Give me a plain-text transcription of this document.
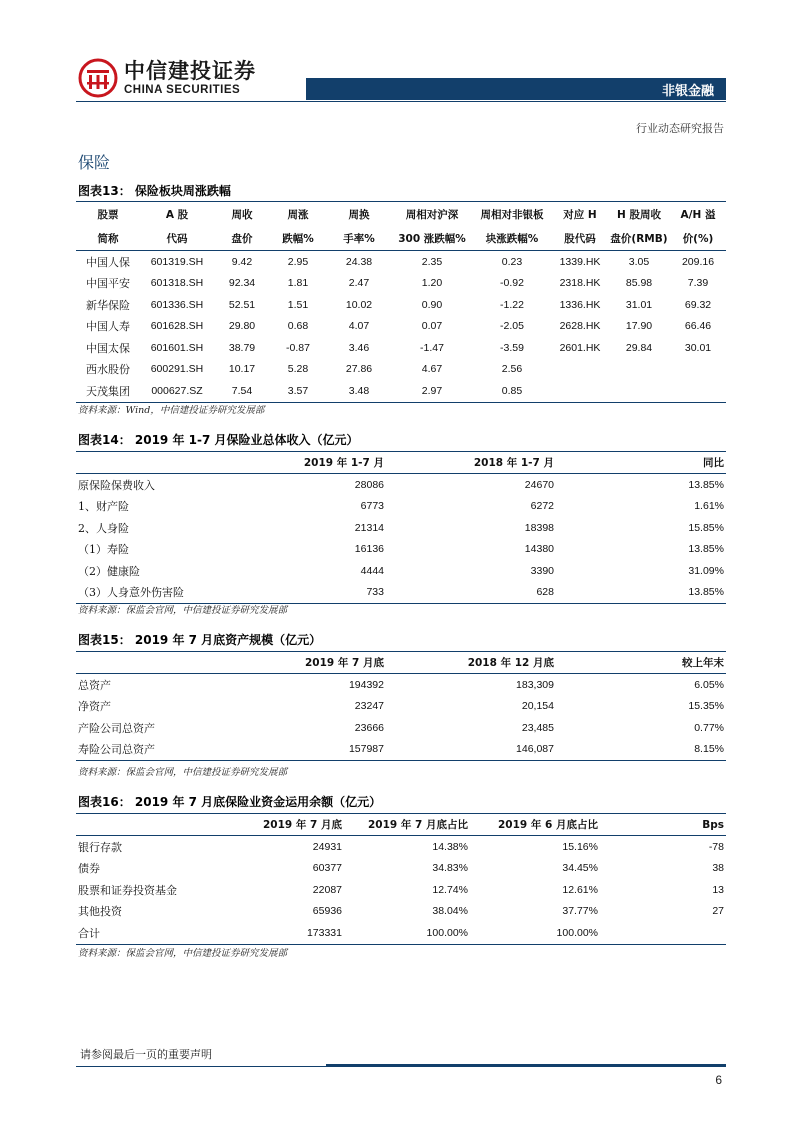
中信建投证券
CHINA SECURITIES	非银金融
行业动态研究报告
保险
图表13： 保险板块周涨跌幅
股票	A 股	周收	周涨	周换	周相对沪深	周相对非银板	对应 H	H 股周收	A/H 溢
简称	代码	盘价	跌幅%	手率%	300 涨跌幅%	块涨跌幅%	股代码	盘价(RMB)	价(%)
中国人保	601319.SH	9.42	2.95	24.38	2.35	0.23	1339.HK	3.05	209.16
中国平安	601318.SH	92.34	1.81	2.47	1.20	-0.92	2318.HK	85.98	7.39
新华保险	601336.SH	52.51	1.51	10.02	0.90	-1.22	1336.HK	31.01	69.32
中国人寿	601628.SH	29.80	0.68	4.07	0.07	-2.05	2628.HK	17.90	66.46
中国太保	601601.SH	38.79	-0.87	3.46	-1.47	-3.59	2601.HK	29.84	30.01
西水股份	600291.SH	10.17	5.28	27.86	4.67	2.56			
天茂集团	000627.SZ	7.54	3.57	3.48	2.97	0.85			
资料来源：Wind，中信建投证券研究发展部
图表14： 2019 年 1-7 月保险业总体收入（亿元）
	2019 年 1-7 月	2018 年 1-7 月	同比
原保险保费收入	28086	24670	13.85%
1、财产险	6773	6272	1.61%
2、人身险	21314	18398	15.85%
（1）寿险	16136	14380	13.85%
（2）健康险	4444	3390	31.09%
（3）人身意外伤害险	733	628	13.85%
资料来源：保监会官网，中信建投证券研究发展部
图表15： 2019 年 7 月底资产规模（亿元）
	2019 年 7 月底	2018 年 12 月底	较上年末
总资产	194392	183,309	6.05%
净资产	23247	20,154	15.35%
产险公司总资产	23666	23,485	0.77%
寿险公司总资产	157987	146,087	8.15%
资料来源：保监会官网，中信建投证券研究发展部
图表16： 2019 年 7 月底保险业资金运用余额（亿元）
	2019 年 7 月底	2019 年 7 月底占比	2019 年 6 月底占比	Bps
银行存款	24931	14.38%	15.16%	-78
债券	60377	34.83%	34.45%	38
股票和证券投资基金	22087	12.74%	12.61%	13
其他投资	65936	38.04%	37.77%	27
合计	173331	100.00%	100.00%	
资料来源：保监会官网，中信建投证券研究发展部
请参阅最后一页的重要声明
6
